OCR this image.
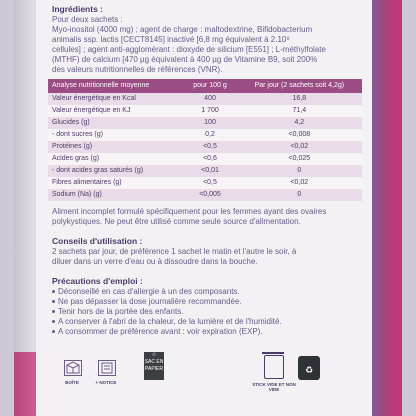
Ingrédients :

Pour deux sachets :

Myo-inositol (4000 mg) ; agent de charge : maltodextrine, Bifidobacterium

animalis ssp. lactis [CECT8145] inactivé [6,8 mg équivalent à 2.10⁹

cellules] ; agent anti-agglomérant : dioxyde de silicium [E551] ; L-méthylfolate

(MTHF) de calcium [470 µg équivalent à 400 µg de Vitamine B9, soit 200%

des valeurs nutritionnelles de références (VNR).

Analyse nutritionnelle moyenne	pour 100 g	Par jour (2 sachets soit 4,2g)
Valeur énergétique en Kcal	400	16,8
Valeur énergétique en KJ	1 700	71,4
Glucides (g)	100	4,2
- dont sucres (g)	0,2	<0,008
Protéines (g)	<0,5	<0,02
Acides gras (g)	<0,6	<0,025
- dont acides gras saturés (g)	<0,01	0
Fibres alimentaires (g)	<0,5	<0,02
Sodium (Na) (g)	<0,005	0
Aliment incomplet formulé spécifiquement pour les femmes ayant des ovaires
polykystiques. Ne peut être utilisé comme seule source d'alimentation.
Conseils d'utilisation :
2 sachets par jour, de préférence 1 sachet le matin et l'autre le soir, à
diluer dans un verre d'eau ou à dissoudre dans la bouche.
Précautions d'emploi :
Déconseillé en cas d'allergie à un des composants.
Ne pas dépasser la dose journalière recommandée.
Tenir hors de la portée des enfants.
A conserver à l'abri de la chaleur, de la lumière et de l'humidité.
A consommer de préférence avant : voir expiration (EXP).
BOÎTE	+ NOTICE
♲
SAC EN PAPIER
STICK VIDE ET NON VIDE
♻
